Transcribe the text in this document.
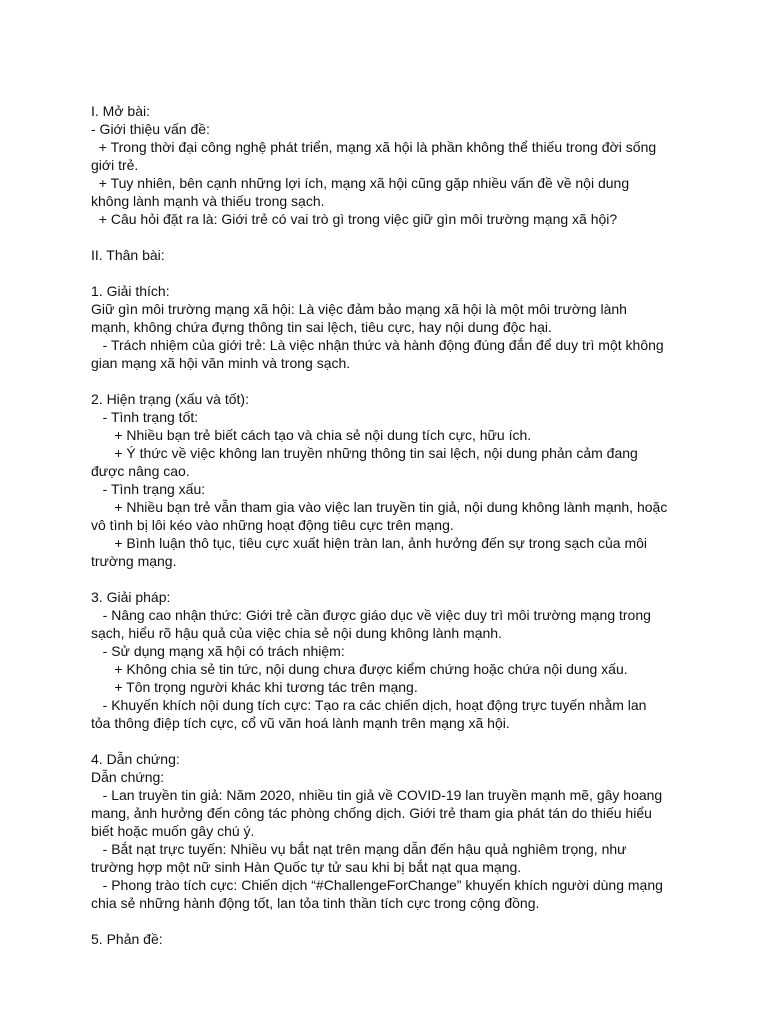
I. Mở bài:
- Giới thiệu vấn đề:
+ Trong thời đại công nghệ phát triển, mạng xã hội là phần không thể thiếu trong đời sống
giới trẻ.
+ Tuy nhiên, bên cạnh những lợi ích, mạng xã hội cũng gặp nhiều vấn đề về nội dung
không lành mạnh và thiếu trong sạch.
+ Câu hỏi đặt ra là: Giới trẻ có vai trò gì trong việc giữ gìn môi trường mạng xã hội?
II. Thân bài:
1. Giải thích:
Giữ gìn môi trường mạng xã hội: Là việc đảm bảo mạng xã hội là một môi trường lành
mạnh, không chứa đựng thông tin sai lệch, tiêu cực, hay nội dung độc hại.
- Trách nhiệm của giới trẻ: Là việc nhận thức và hành động đúng đắn để duy trì một không
gian mạng xã hội văn minh và trong sạch.
2. Hiện trạng (xấu và tốt):
- Tình trạng tốt:
+ Nhiều bạn trẻ biết cách tạo và chia sẻ nội dung tích cực, hữu ích.
+ Ý thức về việc không lan truyền những thông tin sai lệch, nội dung phản cảm đang
được nâng cao.
- Tình trạng xấu:
+ Nhiều bạn trẻ vẫn tham gia vào việc lan truyền tin giả, nội dung không lành mạnh, hoặc
vô tình bị lôi kéo vào những hoạt động tiêu cực trên mạng.
+ Bình luận thô tục, tiêu cực xuất hiện tràn lan, ảnh hưởng đến sự trong sạch của môi
trường mạng.
3. Giải pháp:
- Nâng cao nhận thức: Giới trẻ cần được giáo dục về việc duy trì môi trường mạng trong
sạch, hiểu rõ hậu quả của việc chia sẻ nội dung không lành mạnh.
- Sử dụng mạng xã hội có trách nhiệm:
+ Không chia sẻ tin tức, nội dung chưa được kiểm chứng hoặc chứa nội dung xấu.
+ Tôn trọng người khác khi tương tác trên mạng.
- Khuyến khích nội dung tích cực: Tạo ra các chiến dịch, hoạt động trực tuyến nhằm lan
tỏa thông điệp tích cực, cổ vũ văn hoá lành mạnh trên mạng xã hội.
4. Dẫn chứng:
Dẫn chứng:
- Lan truyền tin giả: Năm 2020, nhiều tin giả về COVID-19 lan truyền mạnh mẽ, gây hoang
mang, ảnh hưởng đến công tác phòng chống dịch. Giới trẻ tham gia phát tán do thiếu hiểu
biết hoặc muốn gây chú ý.
- Bắt nạt trực tuyến: Nhiều vụ bắt nạt trên mạng dẫn đến hậu quả nghiêm trọng, như
trường hợp một nữ sinh Hàn Quốc tự tử sau khi bị bắt nạt qua mạng.
- Phong trào tích cực: Chiến dịch “#ChallengeForChange” khuyến khích người dùng mạng
chia sẻ những hành động tốt, lan tỏa tinh thần tích cực trong cộng đồng.
5. Phản đề:
